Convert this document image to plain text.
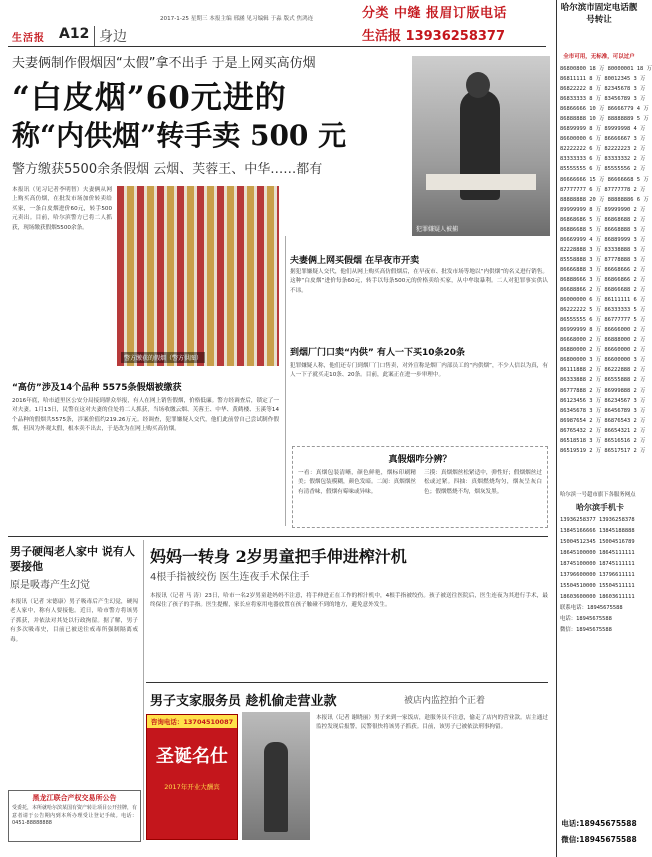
2017-1-25 星期三 本报主编 邢涵 见习编辑 于淼 版式 焦鸿连
生活报 A12 身边
分类 中缝 报眉订版电话
生活报 13936258377
夫妻俩制作假烟因“太假”拿不出手 于是上网买高仿烟
“白皮烟”60元进的
称“内供烟”转手卖 500 元
警方缴获5500余条假烟 云烟、芙蓉王、中华……都有
犯罪嫌疑人被捕
本报讯（见习记者李明智）夫妻俩从网上购买高仿烟，在批发市场加价转卖给买家，一条白皮烟进价60元，转手500元卖出。目前，哈尔滨警方已将二人抓获，现场缴获假烟5500余条。
警方缴获的假烟（警方供图）
“高仿”涉及14个品种 5575条假烟被缴获
2016年底，哈市道里区公安分局接到群众举报，有人在网上销售假烟，价格低廉。警方经调查后，锁定了一对夫妻。1月13日，民警在这对夫妻的住处将二人抓获，当场收缴云烟、芙蓉王、中华、黄鹤楼、玉溪等14个品种的假烟共5575条，涉案价值约219.26万元。经调查，犯罪嫌疑人交代，他们此前曾自己尝试制作假烟，但因为外观太假，根本卖不出去，于是改为在网上购买高仿烟。
夫妻俩上网买假烟 在早夜市开卖
据犯罪嫌疑人交代，他们从网上购买高仿假烟后，在早夜市、批发市场等地以“内供烟”的名义进行销售。这种“白皮烟”进价每条60元，转手以每条500元的价格卖给买家，从中牟取暴利。二人对犯罪事实供认不讳。
到烟厂门口卖“内供” 有人一下买10条20条
犯罪嫌疑人称，他们还专门到烟厂门口售卖，对外宣称是烟厂内部员工的“内供烟”，不少人信以为真，有人一下子就买走10条、20条。目前，此案正在进一步审理中。
真假烟咋分辨？
一看：真烟包装清晰，颜色鲜艳，烟标印刷精美；假烟包装模糊，颜色发暗。二闻：真烟烟丝有清香味，假烟有霉味或异味。
三摸：真烟烟丝松紧适中，弹性好；假烟烟丝过松或过紧。四抽：真烟燃烧均匀，烟灰呈灰白色；假烟燃烧不均，烟灰发黑。
男子硬闯老人家中 说有人要接他
原是吸毒产生幻觉
本报讯（记者 宋德康）男子吸毒后产生幻觉，硬闯老人家中，称有人要接他。近日，哈市警方将该男子抓获，并依法对其处以行政拘留。据了解，男子有多次吸毒史，目前已被送往戒毒所强制隔离戒毒。
妈妈一转身 2岁男童把手伸进榨汁机
4根手指被绞伤 医生连夜手术保住手
本报讯（记者 马 涛）23日，哈市一名2岁男童趁妈妈不注意，将手伸进正在工作的榨汁机中，4根手指被绞伤。孩子被送往医院后，医生连夜为其进行手术，最终保住了孩子的手指。医生提醒，家长应将家用电器放置在孩子触碰不到的地方，避免意外发生。
男子支家服务员 趁机偷走营业款	被店内监控拍个正着
本报讯（记者 谢晓丽）男子来到一家饭店，趁服务员不注意，偷走了店内的营业款。店主通过监控发现后报警，民警很快将该男子抓获。目前，该男子已被依法刑事拘留。
咨询电话：13704510087
圣诞名仕
2017年开业大酬宾
黑龙江联合产权交易所公告
受委托，本所就哈尔滨某国有资产转让项目公开挂牌，有意者请于公告期内到本所办理受让登记手续。电话：0451-88888888
哈尔滨市固定电话靓号转让
全市可用，无标准，可以过户
86800800 18 万 80000001 18 万
86811111 8 万 80012345 3 万
86822222 8 万 82345678 3 万
86833333 8 万 83456789 3 万
86866666 10 万 86666779 4 万
86888888 10 万 88888889 5 万
86899999 8 万 89999998 4 万
86600000 6 万 86666667 3 万
82222222 6 万 82222223 2 万
83333333 6 万 83333332 2 万
85555555 6 万 85555556 2 万
86666666 15 万 86666668 5 万
87777777 6 万 87777778 2 万
88888888 20 万 88888886 6 万
89999999 8 万 89999990 2 万
86868686 5 万 86868688 2 万
86886688 5 万 86668888 3 万
86669999 4 万 86889999 3 万
82228888 3 万 83338888 3 万
85558888 3 万 87778888 3 万
86666888 3 万 86668666 2 万
86888666 3 万 86866866 2 万
86688866 2 万 86866688 2 万
86000000 6 万 86111111 6 万
86222222 5 万 86333333 5 万
86555555 6 万 86777777 5 万
86999999 8 万 86666000 2 万
86668000 2 万 86888000 2 万
86880000 2 万 86660000 2 万
86800000 3 万 86600000 3 万
86111888 2 万 86222888 2 万
86333888 2 万 86555888 2 万
86777888 2 万 86999888 2 万
86123456 3 万 86234567 3 万
86345678 3 万 86456789 3 万
86987654 2 万 86876543 2 万
86765432 2 万 86654321 2 万
86518518 3 万 86516516 2 万
86519519 2 万 86517517 2 万
哈尔滨一号超市旗下各服务网点
哈尔滨手机卡
13936258377 13936258378
13845166666 13845188888
15004512345 15004516789
18645100000 18645111111
18745100000 18745111111
13796600000 13796611111
15504510000 15504511111
18603600000 18603611111
联系电话：18945675588
电话：18945675588
微信：18945675588
电话:18945675588
微信:18945675588
